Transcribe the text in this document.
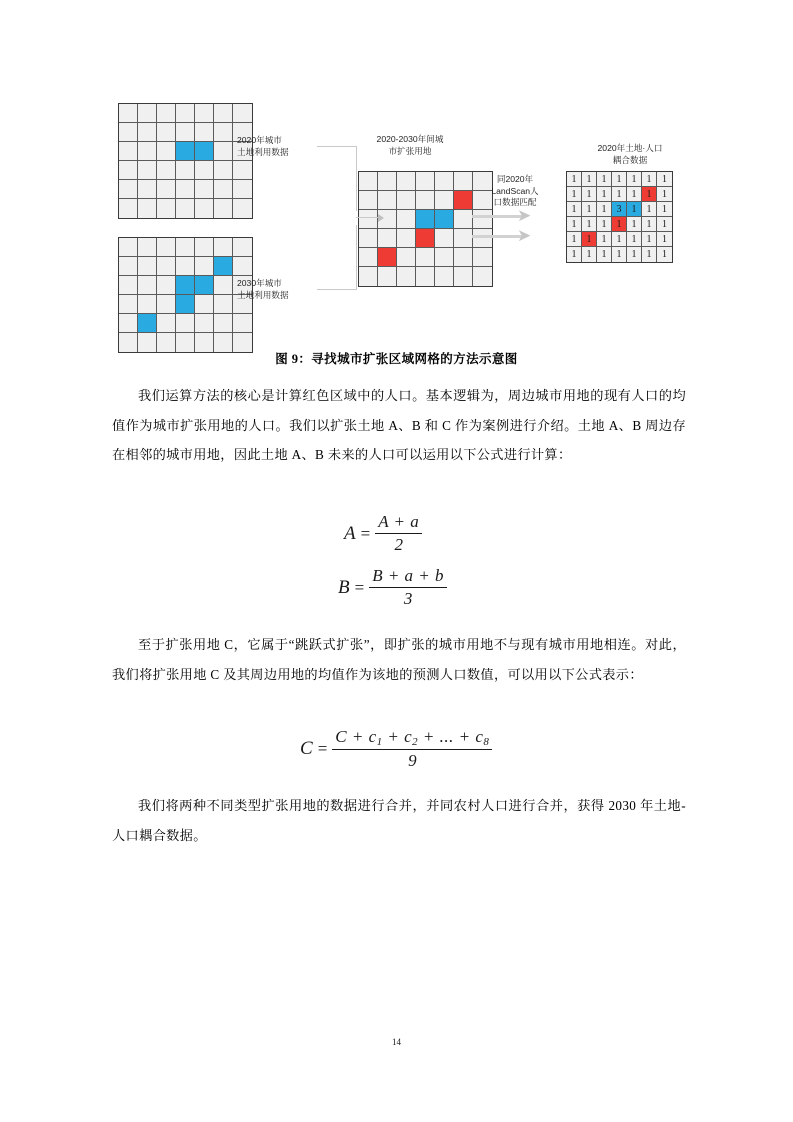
2020年城市
土地利用数据
2030年城市
土地利用数据
2020-2030年间城
市扩张用地
同2020年
LandScan人
口数据匹配
2020年土地·人口
耦合数据
➤
➤
1	1	1	1	1	1	1
1	1	1	1	1	1	1
1	1	1	3	1	1	1
1	1	1	1	1	1	1
1	1	1	1	1	1	1
1	1	1	1	1	1	1
图 9：寻找城市扩张区域网格的方法示意图
我们运算方法的核心是计算红色区域中的人口。基本逻辑为，周边城市用地的现有人口的均值作为城市扩张用地的人口。我们以扩张土地 A、B 和 C 作为案例进行介绍。土地 A、B 周边存在相邻的城市用地，因此土地 A、B 未来的人口可以运用以下公式进行计算：
至于扩张用地 C，它属于“跳跃式扩张”，即扩张的城市用地不与现有城市用地相连。对此，我们将扩张用地 C 及其周边用地的均值作为该地的预测人口数值，可以用以下公式表示：
我们将两种不同类型扩张用地的数据进行合并，并同农村人口进行合并，获得 2030 年土地-人口耦合数据。
$A = \frac{A + a}{2}$
$B = \frac{B + a + b}{3}$
$C = \frac{C + c_1 + c_2 + ... + c_8}{9}$
14
